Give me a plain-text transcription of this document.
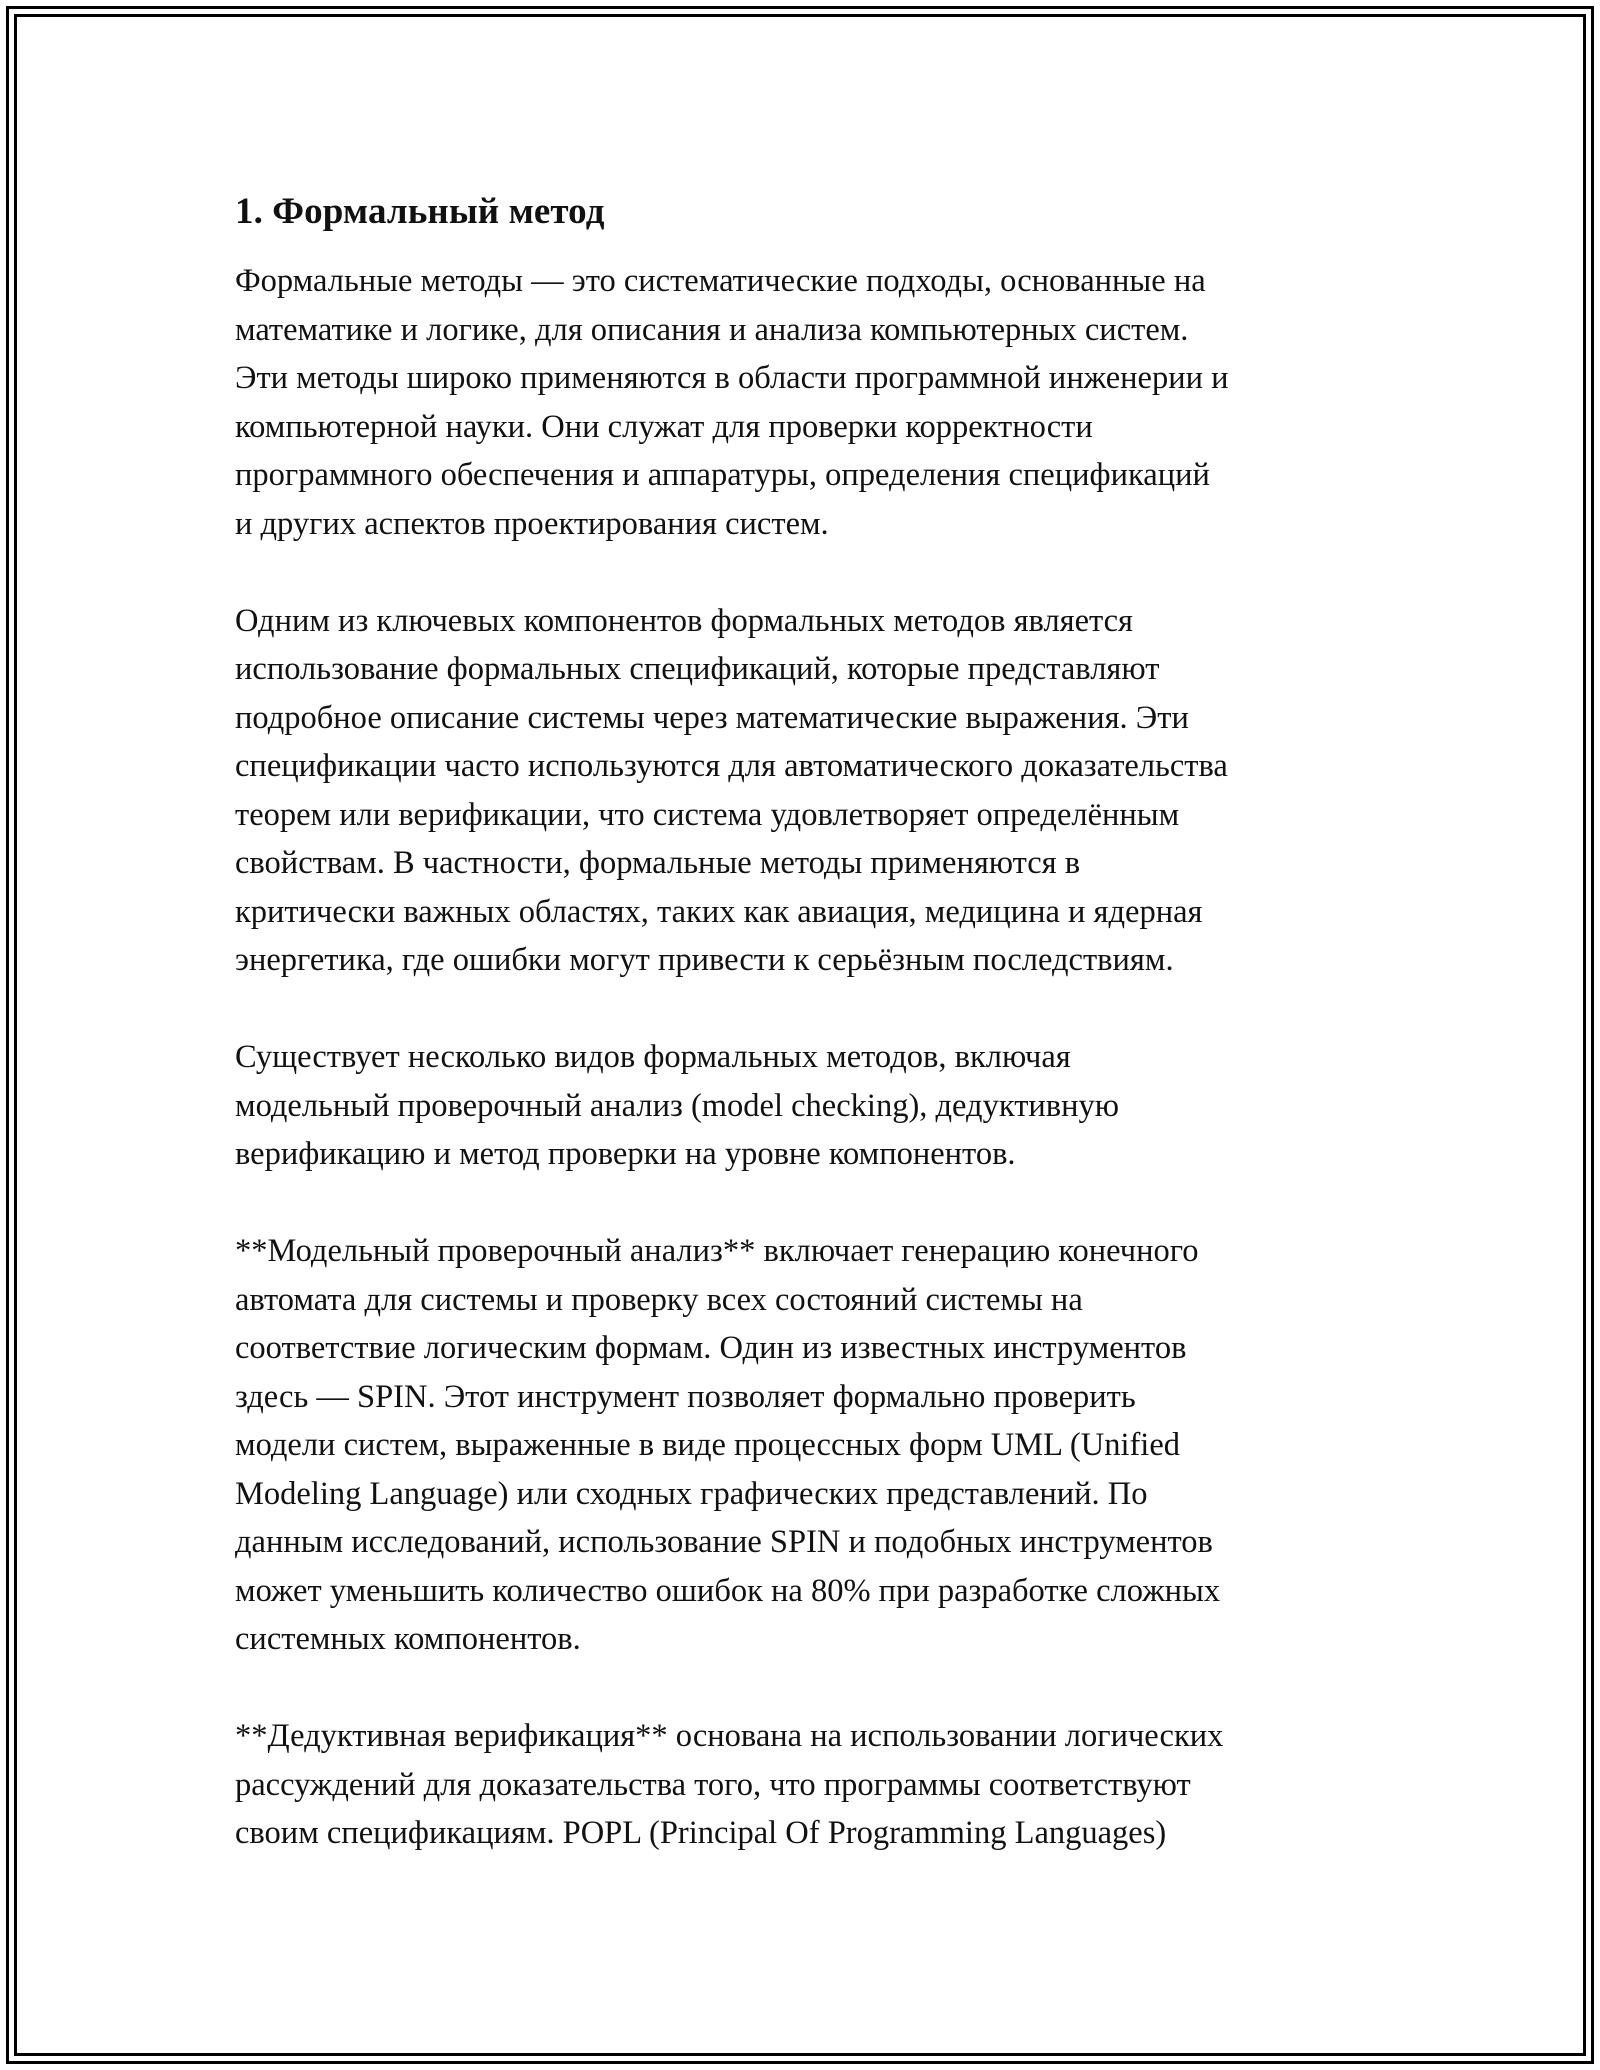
1. Формальный метод

Формальные методы — это систематические подходы, основанные на
математике и логике, для описания и анализа компьютерных систем.
Эти методы широко применяются в области программной инженерии и
компьютерной науки. Они служат для проверки корректности
программного обеспечения и аппаратуры, определения спецификаций
и других аспектов проектирования систем.

Одним из ключевых компонентов формальных методов является
использование формальных спецификаций, которые представляют
подробное описание системы через математические выражения. Эти
спецификации часто используются для автоматического доказательства
теорем или верификации, что система удовлетворяет определённым
свойствам. В частности, формальные методы применяются в
критически важных областях, таких как авиация, медицина и ядерная
энергетика, где ошибки могут привести к серьёзным последствиям.

Существует несколько видов формальных методов, включая
модельный проверочный анализ (model checking), дедуктивную
верификацию и метод проверки на уровне компонентов.

**Модельный проверочный анализ** включает генерацию конечного
автомата для системы и проверку всех состояний системы на
соответствие логическим формам. Один из известных инструментов
здесь — SPIN. Этот инструмент позволяет формально проверить
модели систем, выраженные в виде процессных форм UML (Unified
Modeling Language) или сходных графических представлений. По
данным исследований, использование SPIN и подобных инструментов
может уменьшить количество ошибок на 80% при разработке сложных
системных компонентов.

**Дедуктивная верификация** основана на использовании логических
рассуждений для доказательства того, что программы соответствуют
своим спецификациям. POPL (Principal Of Programming Languages)
